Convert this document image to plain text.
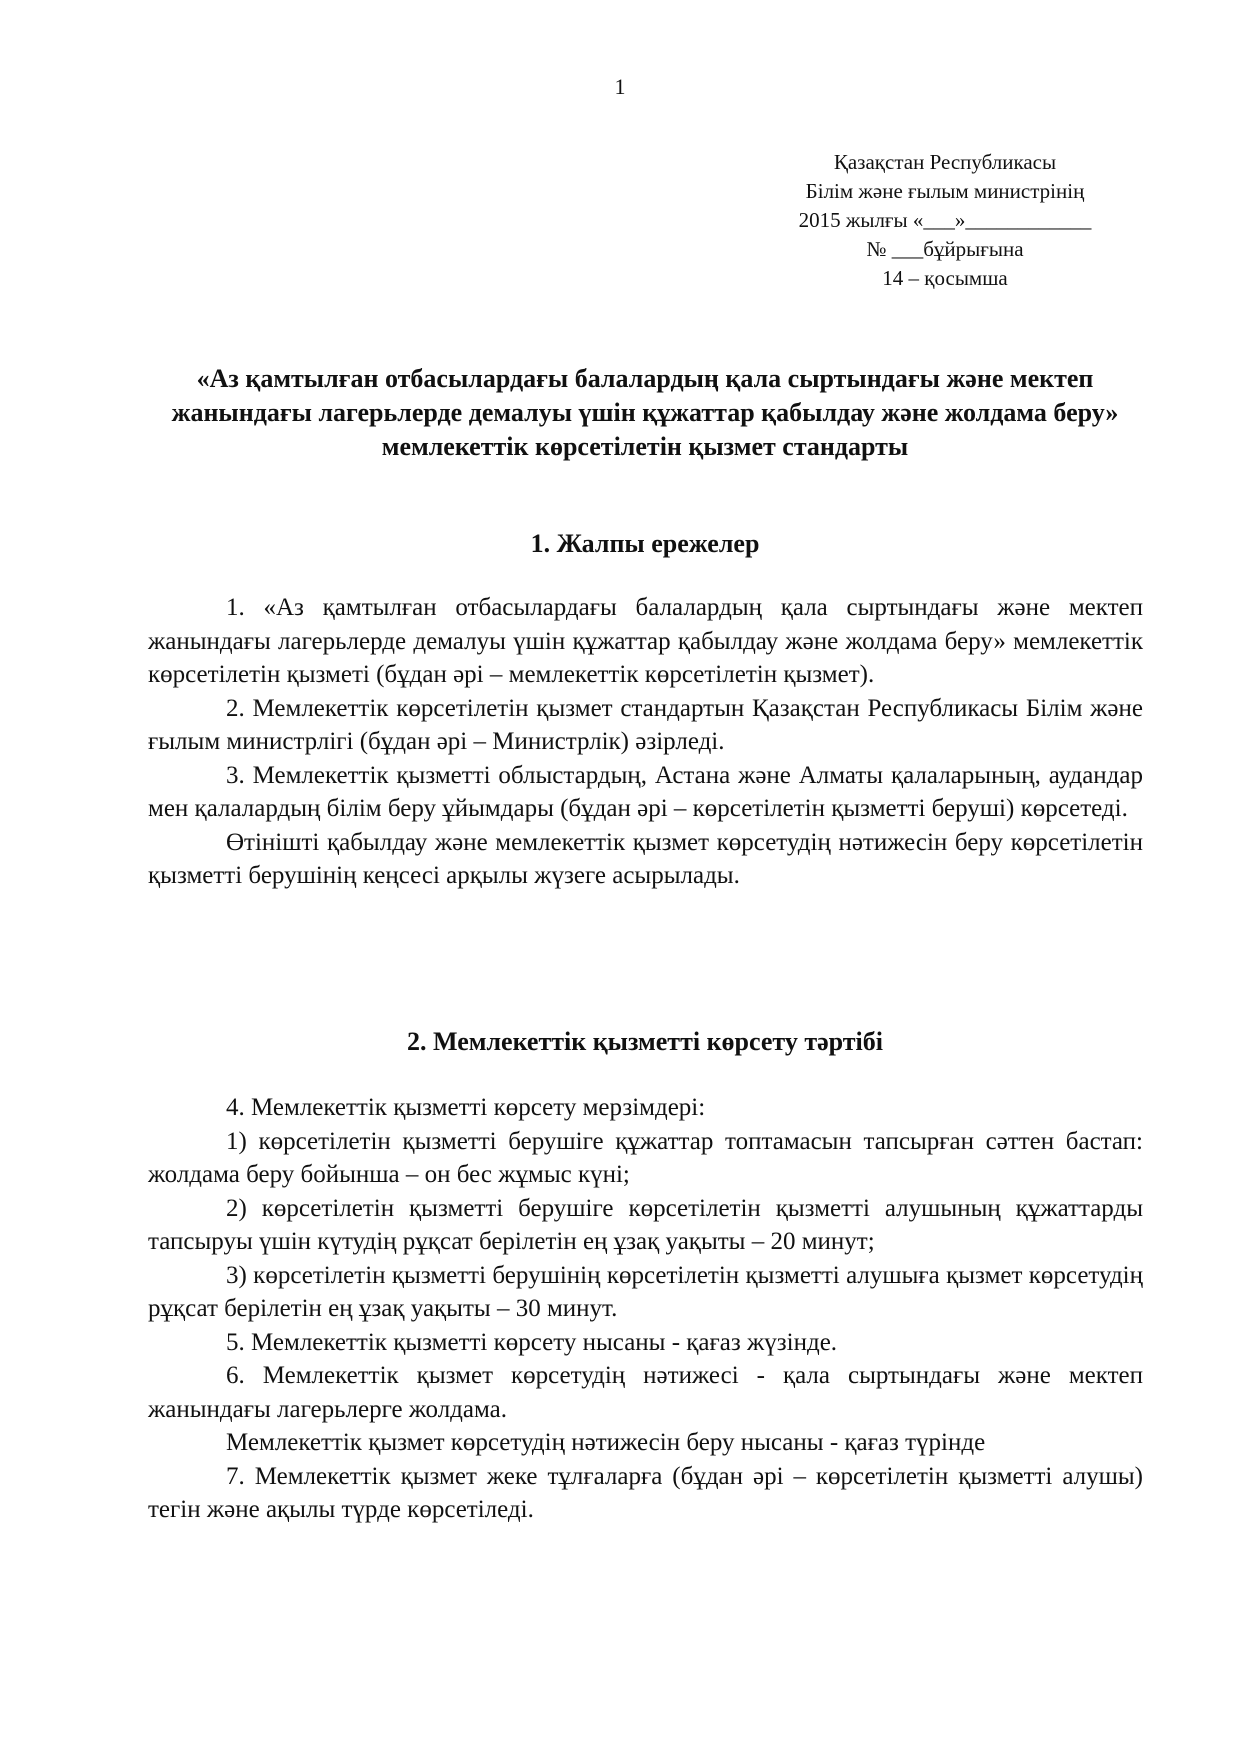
1
Қазақстан Республикасы
Білім және ғылым министрінің
2015 жылғы «___»____________
№ ___бұйрығына
14 – қосымша
«Аз қамтылған отбасылардағы балалардың қала сыртындағы және мектеп жанындағы лагерьлерде демалуы үшін құжаттар қабылдау және жолдама беру» мемлекеттік көрсетілетін қызмет стандарты
1. Жалпы ережелер

1. «Аз қамтылған отбасылардағы балалардың қала сыртындағы және мектеп жанындағы лагерьлерде демалуы үшін құжаттар қабылдау және жолдама беру» мемлекеттік көрсетілетін қызметі (бұдан әрі – мемлекеттік көрсетілетін қызмет).

2. Мемлекеттік көрсетілетін қызмет стандартын Қазақстан Республикасы Білім және ғылым министрлігі (бұдан әрі – Министрлік) әзірледі.

3. Мемлекеттік қызметті облыстардың, Астана және Алматы қалаларының, аудандар мен қалалардың білім беру ұйымдары (бұдан әрі – көрсетілетін қызметті беруші) көрсетеді.

Өтінішті қабылдау және мемлекеттік қызмет көрсетудің нәтижесін беру көрсетілетін қызметті берушінің кеңсесі арқылы жүзеге асырылады.

2. Мемлекеттік қызметті көрсету тәртібі

4. Мемлекеттік қызметті көрсету мерзімдері:

1) көрсетілетін қызметті берушіге құжаттар топтамасын тапсырған сәттен бастап: жолдама беру бойынша – он бес жұмыс күні;

2) көрсетілетін қызметті берушіге көрсетілетін қызметті алушының құжаттарды тапсыруы үшін күтудің рұқсат берілетін ең ұзақ уақыты – 20 минут;

3) көрсетілетін қызметті берушінің көрсетілетін қызметті алушыға қызмет көрсетудің рұқсат берілетін ең ұзақ уақыты – 30 минут.

5. Мемлекеттік қызметті көрсету нысаны - қағаз жүзінде.

6. Мемлекеттік қызмет көрсетудің нәтижесі - қала сыртындағы және мектеп жанындағы лагерьлерге жолдама.

Мемлекеттік қызмет көрсетудің нәтижесін беру нысаны - қағаз түрінде

7. Мемлекеттік қызмет жеке тұлғаларға (бұдан әрі – көрсетілетін қызметті алушы) тегін және ақылы түрде көрсетіледі.
